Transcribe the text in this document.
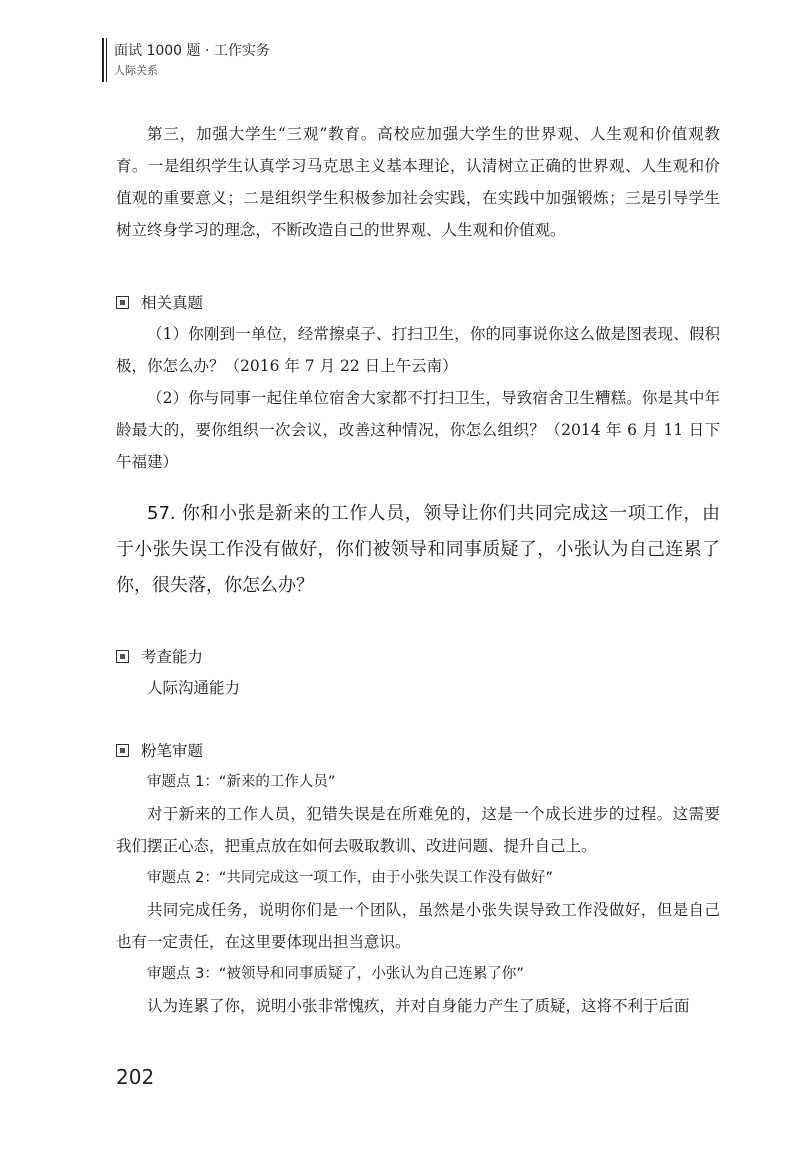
面试 1000 题 · 工作实务
人际关系

第三，加强大学生“三观”教育。高校应加强大学生的世界观、人生观和价值观教育。一是组织学生认真学习马克思主义基本理论，认清树立正确的世界观、人生观和价值观的重要意义；二是组织学生积极参加社会实践，在实践中加强锻炼；三是引导学生树立终身学习的理念，不断改造自己的世界观、人生观和价值观。

相关真题

（1）你刚到一单位，经常擦桌子、打扫卫生，你的同事说你这么做是图表现、假积极，你怎么办？（2016 年 7 月 22 日上午云南）

（2）你与同事一起住单位宿舍大家都不打扫卫生，导致宿舍卫生糟糕。你是其中年龄最大的，要你组织一次会议，改善这种情况，你怎么组织？（2014 年 6 月 11 日下午福建）

57. 你和小张是新来的工作人员，领导让你们共同完成这一项工作，由于小张失误工作没有做好，你们被领导和同事质疑了，小张认为自己连累了你，很失落，你怎么办？

考查能力

人际沟通能力

粉笔审题

审题点 1：“新来的工作人员”

对于新来的工作人员，犯错失误是在所难免的，这是一个成长进步的过程。这需要我们摆正心态，把重点放在如何去吸取教训、改进问题、提升自己上。

审题点 2：“共同完成这一项工作，由于小张失误工作没有做好”

共同完成任务，说明你们是一个团队，虽然是小张失误导致工作没做好，但是自己也有一定责任，在这里要体现出担当意识。

审题点 3：“被领导和同事质疑了，小张认为自己连累了你”

认为连累了你，说明小张非常愧疚，并对自身能力产生了质疑，这将不利于后面

202
